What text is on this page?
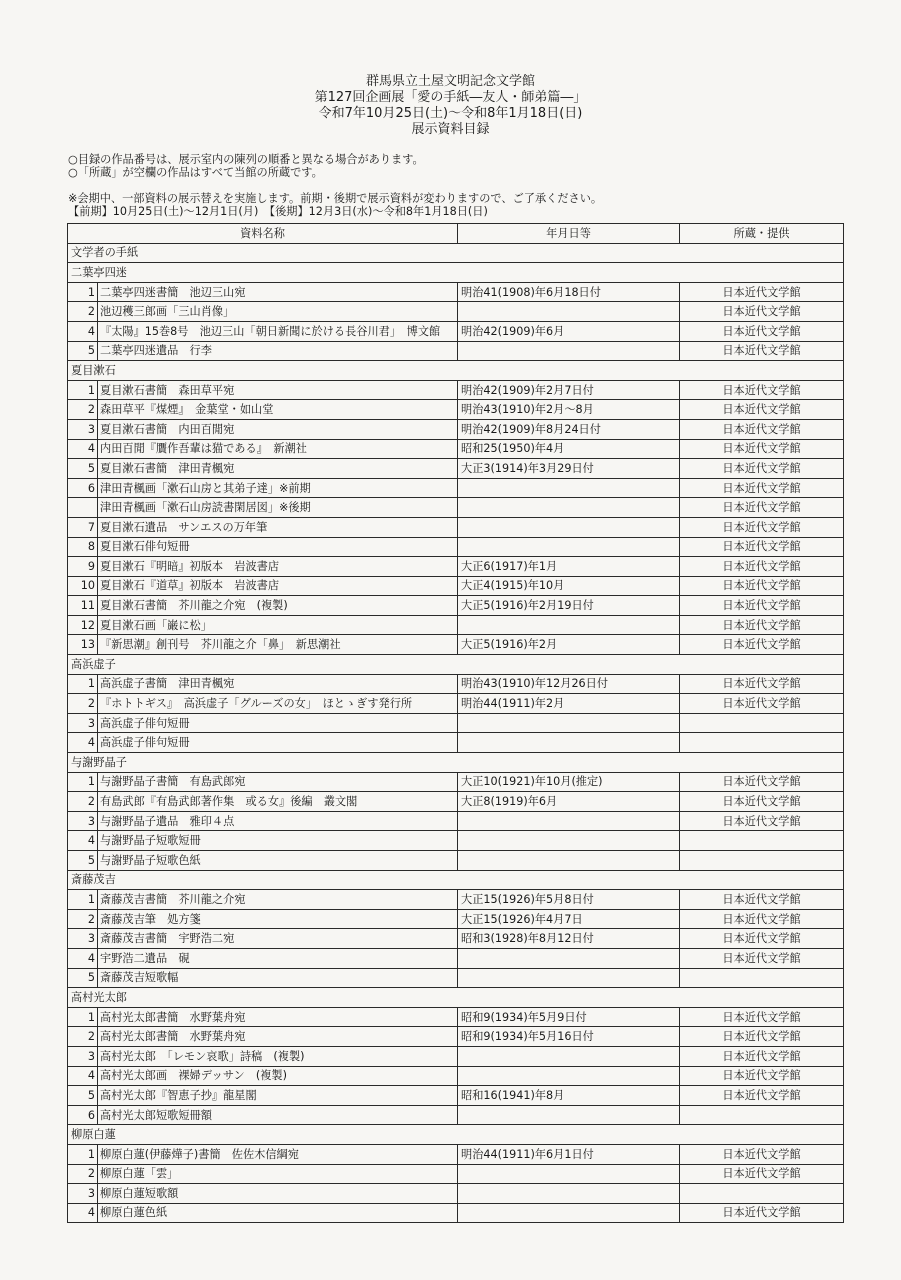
群馬県立土屋文明記念文学館
第127回企画展「愛の手紙―友人・師弟篇―」
令和7年10月25日(土)～令和8年1月18日(日)
展示資料目録
○目録の作品番号は、展示室内の陳列の順番と異なる場合があります。
○「所蔵」が空欄の作品はすべて当館の所蔵です。
※会期中、一部資料の展示替えを実施します。前期・後期で展示資料が変わりますので、ご了承ください。
【前期】10月25日(土)～12月1日(月)　【後期】12月3日(水)～令和8年1月18日(日)
資料名称		年月日等	所蔵・提供
文学者の手紙			
二葉亭四迷			
1	二葉亭四迷書簡　池辺三山宛	明治41(1908)年6月18日付	日本近代文学館
2	池辺穫三郎画「三山肖像」		日本近代文学館
4	『太陽』15巻8号　池辺三山「朝日新聞に於ける長谷川君」　博文館	明治42(1909)年6月	日本近代文学館
5	二葉亭四迷遺品　行李		日本近代文学館
夏目漱石			
1	夏目漱石書簡　森田草平宛	明治42(1909)年2月7日付	日本近代文学館
2	森田草平『煤煙』　金葉堂・如山堂	明治43(1910)年2月～8月	日本近代文学館
3	夏目漱石書簡　内田百閒宛	明治42(1909)年8月24日付	日本近代文学館
4	内田百閒『贋作吾輩は猫である』　新潮社	昭和25(1950)年4月	日本近代文学館
5	夏目漱石書簡　津田青楓宛	大正3(1914)年3月29日付	日本近代文学館
6	津田青楓画「漱石山房と其弟子達」※前期		日本近代文学館
	津田青楓画「漱石山房読書閑居図」※後期		日本近代文学館
7	夏目漱石遺品　サンエスの万年筆		日本近代文学館
8	夏目漱石俳句短冊		日本近代文学館
9	夏目漱石『明暗』初版本　岩波書店	大正6(1917)年1月	日本近代文学館
10	夏目漱石『道草』初版本　岩波書店	大正4(1915)年10月	日本近代文学館
11	夏目漱石書簡　芥川龍之介宛　(複製)	大正5(1916)年2月19日付	日本近代文学館
12	夏目漱石画「巌に松」		日本近代文学館
13	『新思潮』創刊号　芥川龍之介「鼻」　新思潮社	大正5(1916)年2月	日本近代文学館
高浜虚子			
1	高浜虚子書簡　津田青楓宛	明治43(1910)年12月26日付	日本近代文学館
2	『ホトトギス』　高浜虚子「グルーズの女」　ほとゝぎす発行所	明治44(1911)年2月	日本近代文学館
3	高浜虚子俳句短冊		
4	高浜虚子俳句短冊		
与謝野晶子			
1	与謝野晶子書簡　有島武郎宛	大正10(1921)年10月(推定)	日本近代文学館
2	有島武郎『有島武郎著作集　或る女』後編　叢文閣	大正8(1919)年6月	日本近代文学館
3	与謝野晶子遺品　雅印４点		日本近代文学館
4	与謝野晶子短歌短冊		
5	与謝野晶子短歌色紙		
斎藤茂吉			
1	斎藤茂吉書簡　芥川龍之介宛	大正15(1926)年5月8日付	日本近代文学館
2	斎藤茂吉筆　処方箋	大正15(1926)年4月7日	日本近代文学館
3	斎藤茂吉書簡　宇野浩二宛	昭和3(1928)年8月12日付	日本近代文学館
4	宇野浩二遺品　硯		日本近代文学館
5	斎藤茂吉短歌幅		
高村光太郎			
1	高村光太郎書簡　水野葉舟宛	昭和9(1934)年5月9日付	日本近代文学館
2	高村光太郎書簡　水野葉舟宛	昭和9(1934)年5月16日付	日本近代文学館
3	高村光太郎　「レモン哀歌」詩稿　(複製)		日本近代文学館
4	高村光太郎画　裸婦デッサン　(複製)		日本近代文学館
5	高村光太郎『智恵子抄』龍星閣	昭和16(1941)年8月	日本近代文学館
6	高村光太郎短歌短冊額		
柳原白蓮			
1	柳原白蓮(伊藤燁子)書簡　佐佐木信綱宛	明治44(1911)年6月1日付	日本近代文学館
2	柳原白蓮「雲」		日本近代文学館
3	柳原白蓮短歌額		
4	柳原白蓮色紙		日本近代文学館
